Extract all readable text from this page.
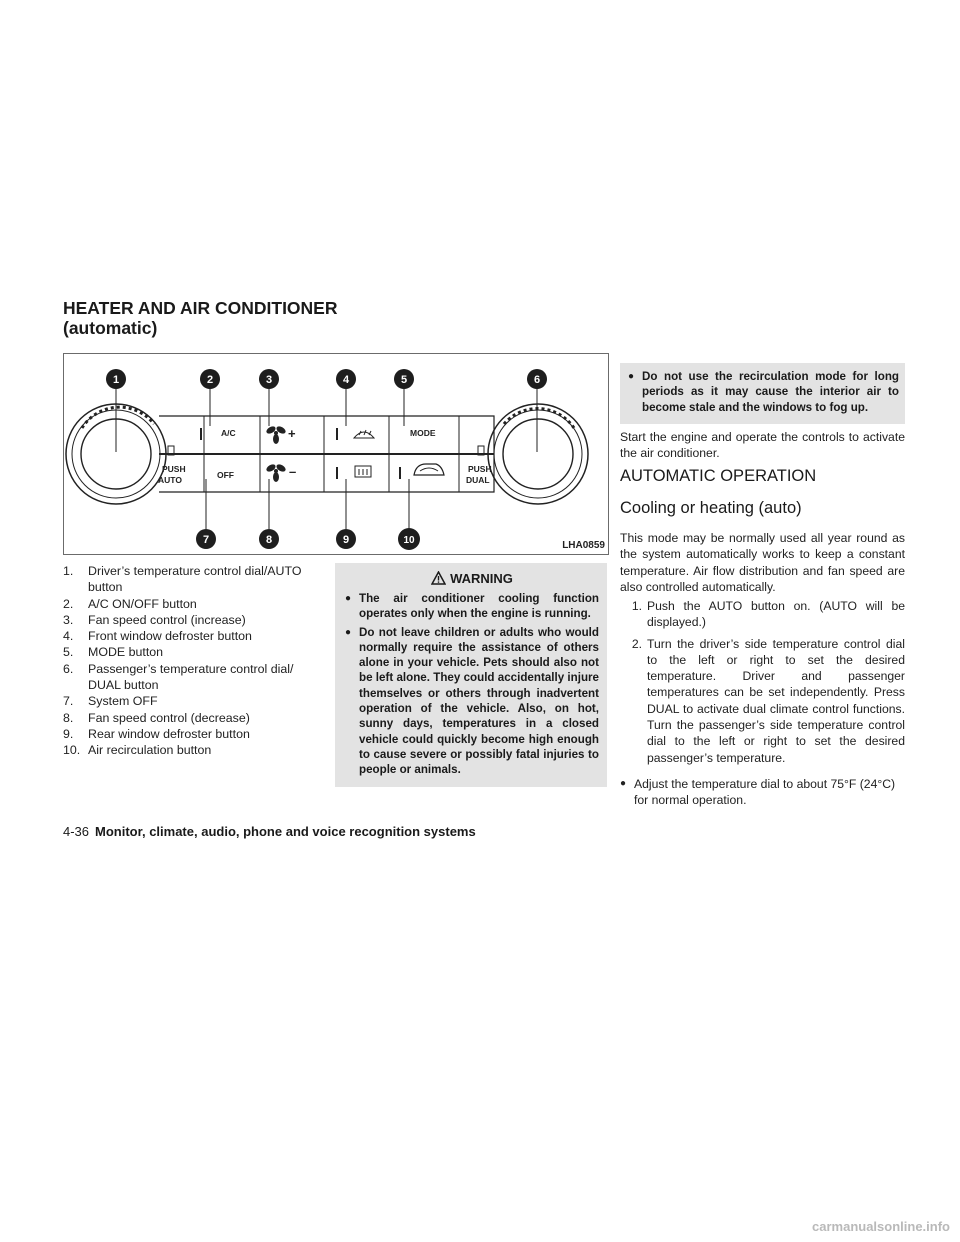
HEATER AND AIR CONDITIONER
(automatic)
A/C
OFF
MODE
PUSH
AUTO
PUSH
DUAL
+
–
1	2	3	4	5	6
7	8	9	10	LHA0859
1.	Driver’s temperature control dial/AUTO button
2.	A/C ON/OFF button
3.	Fan speed control (increase)
4.	Front window defroster button
5.	MODE button
6.	Passenger’s temperature control dial/ DUAL button
7.	System OFF
8.	Fan speed control (decrease)
9.	Rear window defroster button
10. Air recirculation button
WARNING
● The air conditioner cooling function operates only when the engine is running.
● Do not leave children or adults who would normally require the assistance of others alone in your vehicle. Pets should also not be left alone. They could accidentally injure themselves or others through inadvertent operation of the vehicle. Also, on hot, sunny days, temperatures in a closed vehicle could quickly become high enough to cause severe or possibly fatal injuries to people or animals.
● Do not use the recirculation mode for long periods as it may cause the interior air to become stale and the windows to fog up.
Start the engine and operate the controls to activate the air conditioner.
AUTOMATIC OPERATION
Cooling or heating (auto)
This mode may be normally used all year round as the system automatically works to keep a constant temperature. Air flow distribution and fan speed are also controlled automatically.
1. Push the AUTO button on. (AUTO will be displayed.)
2. Turn the driver’s side temperature control dial to the left or right to set the desired temperature. Driver and passenger temperatures can be set independently. Press DUAL to activate dual climate control functions. Turn the passenger’s side temperature control dial to the left or right to set the desired passenger’s temperature.
● Adjust the temperature dial to about 75°F (24°C) for normal operation.
4-36 Monitor, climate, audio, phone and voice recognition systems
carmanualsonline.info
